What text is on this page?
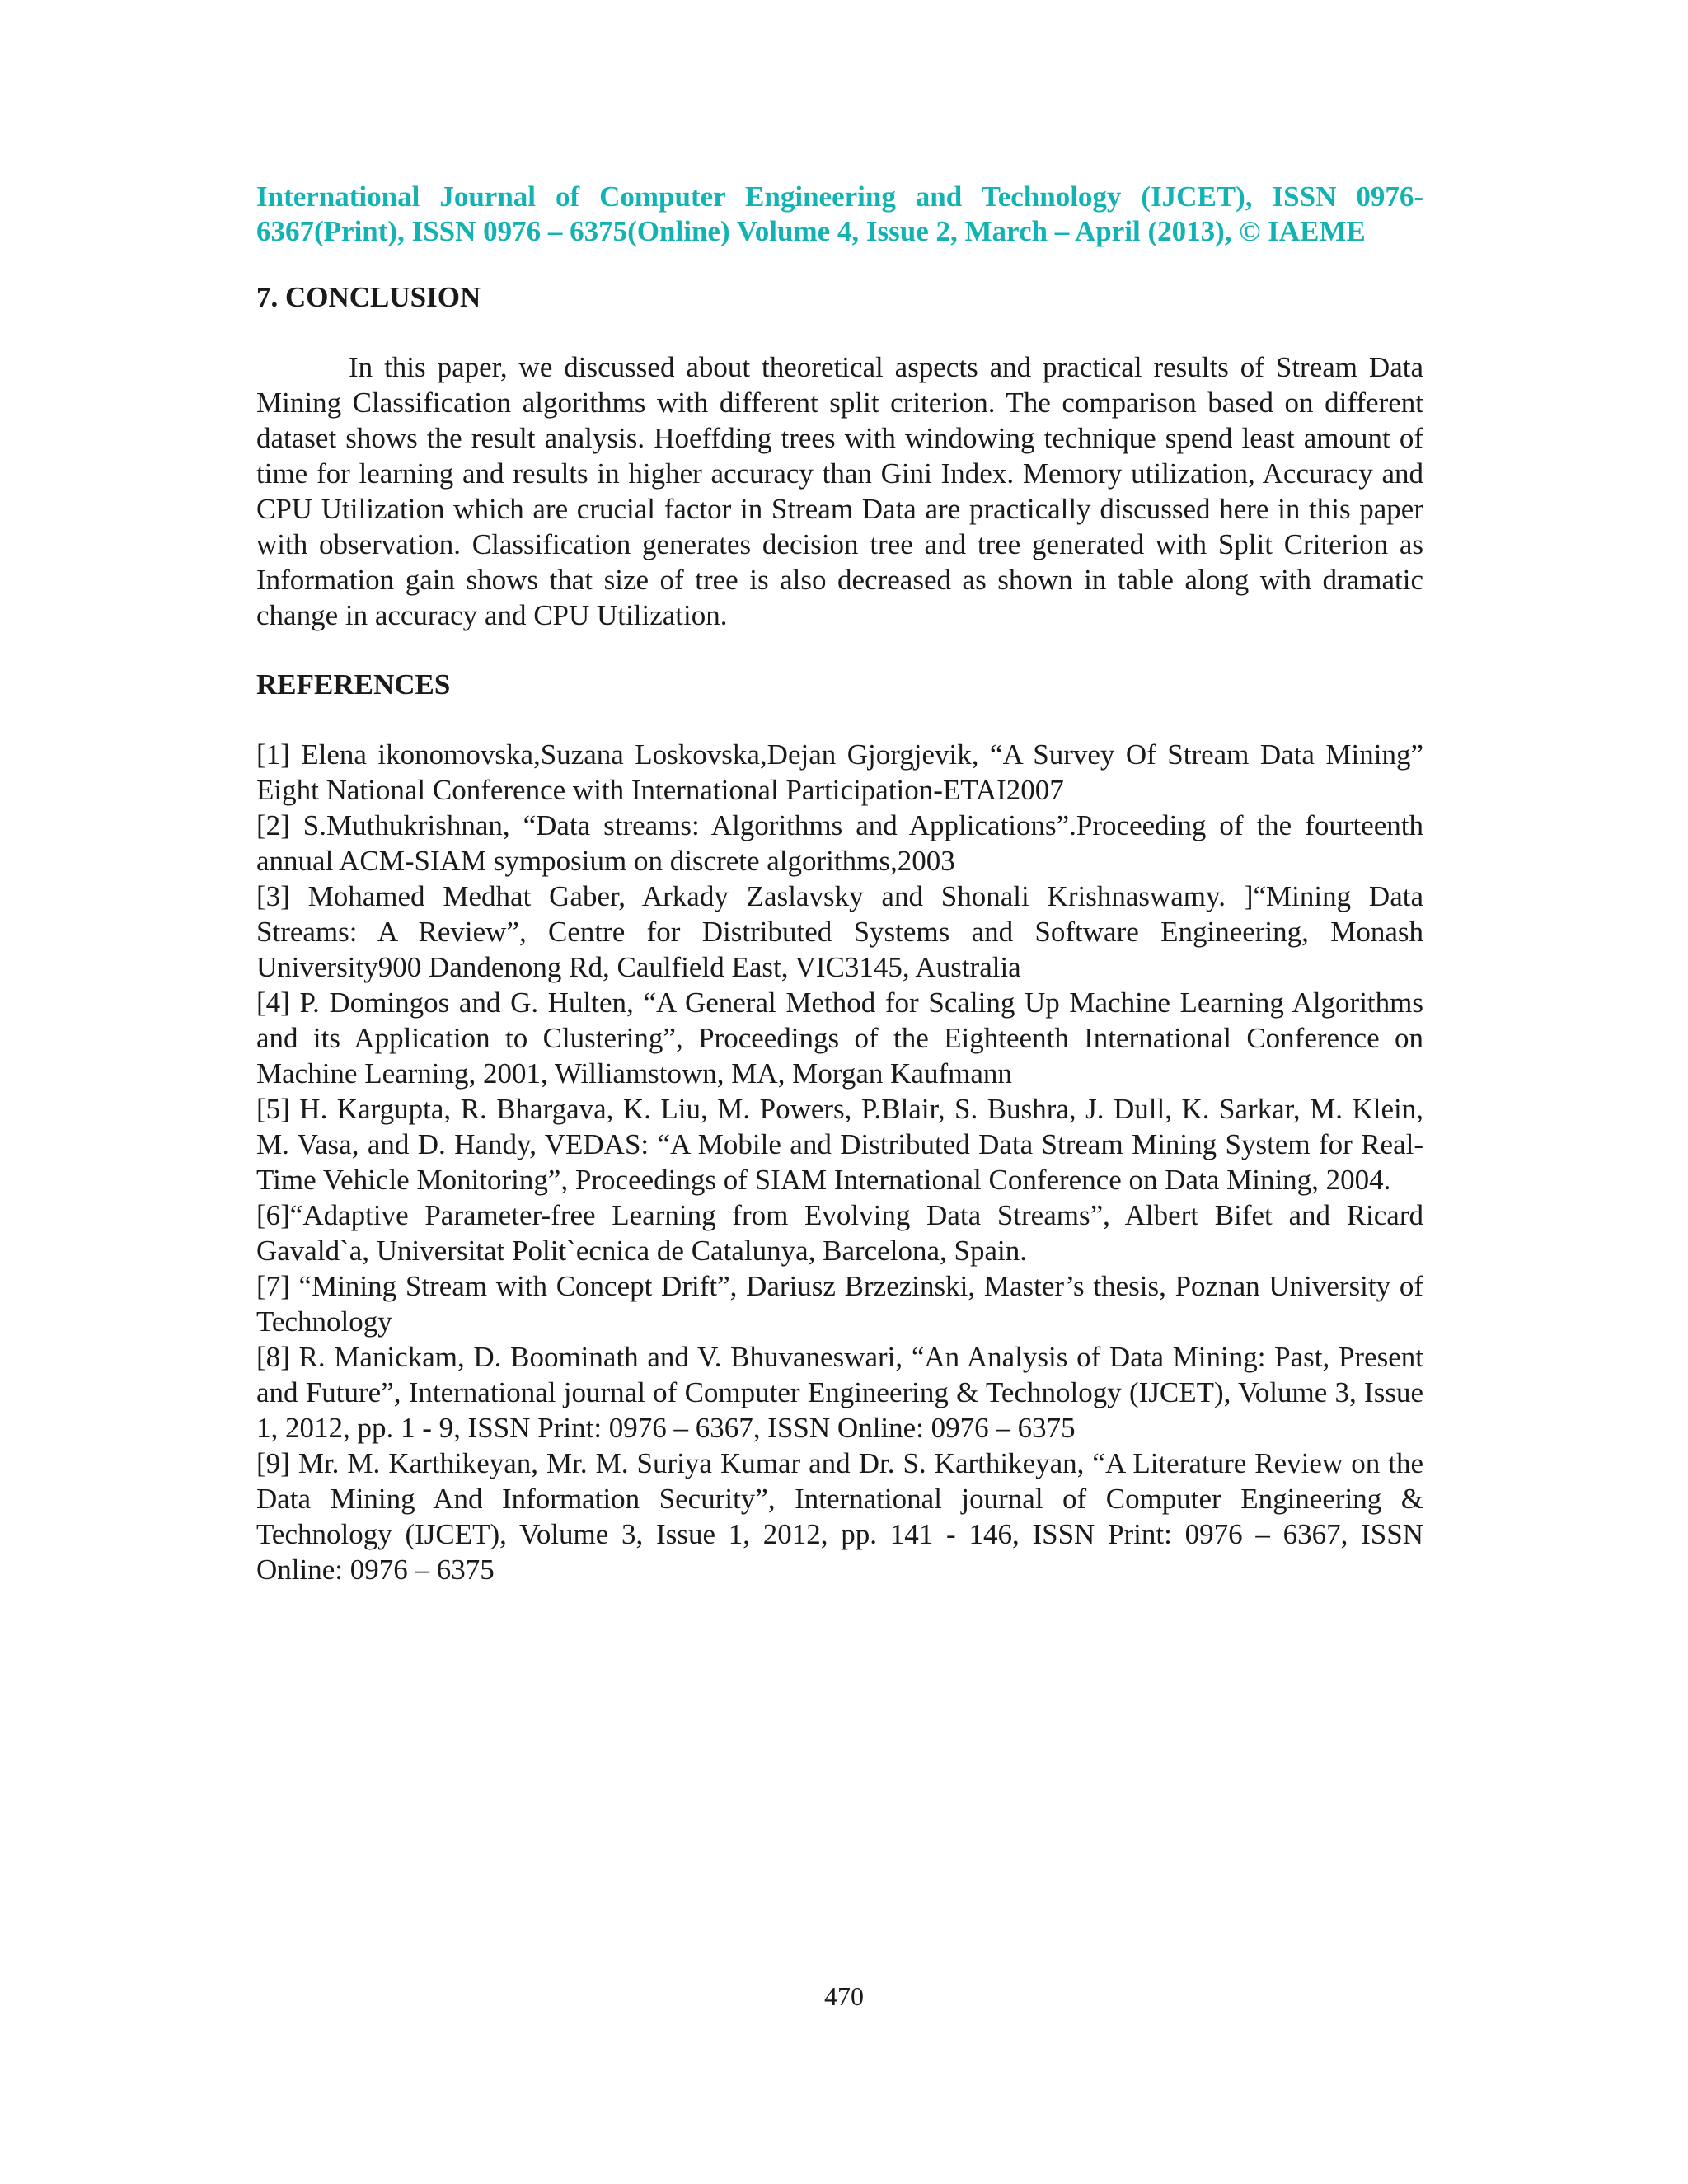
International Journal of Computer Engineering and Technology (IJCET), ISSN 0976-6367(Print), ISSN 0976 – 6375(Online) Volume 4, Issue 2, March – April (2013), © IAEME

7. CONCLUSION

In this paper, we discussed about theoretical aspects and practical results of Stream Data Mining Classification algorithms with different split criterion. The comparison based on different dataset shows the result analysis. Hoeffding trees with windowing technique spend least amount of time for learning and results in higher accuracy than Gini Index. Memory utilization, Accuracy and CPU Utilization which are crucial factor in Stream Data are practically discussed here in this paper with observation. Classification generates decision tree and tree generated with Split Criterion as Information gain shows that size of tree is also decreased as shown in table along with dramatic change in accuracy and CPU Utilization.

REFERENCES
[1] Elena ikonomovska,Suzana Loskovska,Dejan Gjorgjevik, “A Survey Of Stream Data Mining” Eight National Conference with International Participation-ETAI2007
[2] S.Muthukrishnan, “Data streams: Algorithms and Applications”.Proceeding of the fourteenth annual ACM-SIAM symposium on discrete algorithms,2003
[3] Mohamed Medhat Gaber, Arkady Zaslavsky and Shonali Krishnaswamy. ]“Mining Data Streams: A Review”, Centre for Distributed Systems and Software Engineering, Monash University900 Dandenong Rd, Caulfield East, VIC3145, Australia
[4] P. Domingos and G. Hulten, “A General Method for Scaling Up Machine Learning Algorithms and its Application to Clustering”, Proceedings of the Eighteenth International Conference on Machine Learning, 2001, Williamstown, MA, Morgan Kaufmann
[5] H. Kargupta, R. Bhargava, K. Liu, M. Powers, P.Blair, S. Bushra, J. Dull, K. Sarkar, M. Klein, M. Vasa, and D. Handy, VEDAS: “A Mobile and Distributed Data Stream Mining System for Real-Time Vehicle Monitoring”, Proceedings of SIAM International Conference on Data Mining, 2004.
[6]“Adaptive Parameter-free Learning from Evolving Data Streams”, Albert Bifet and Ricard Gavald`a, Universitat Polit`ecnica de Catalunya, Barcelona, Spain.
[7] “Mining Stream with Concept Drift”, Dariusz Brzezinski, Master’s thesis, Poznan University of Technology
[8] R. Manickam, D. Boominath and V. Bhuvaneswari, “An Analysis of Data Mining: Past, Present and Future”, International journal of Computer Engineering & Technology (IJCET), Volume 3, Issue 1, 2012, pp. 1 - 9, ISSN Print: 0976 – 6367, ISSN Online: 0976 – 6375
[9] Mr. M. Karthikeyan, Mr. M. Suriya Kumar and Dr. S. Karthikeyan, “A Literature Review on the Data Mining And Information Security”, International journal of Computer Engineering & Technology (IJCET), Volume 3, Issue 1, 2012, pp. 141 - 146, ISSN Print: 0976 – 6367, ISSN Online: 0976 – 6375
470
